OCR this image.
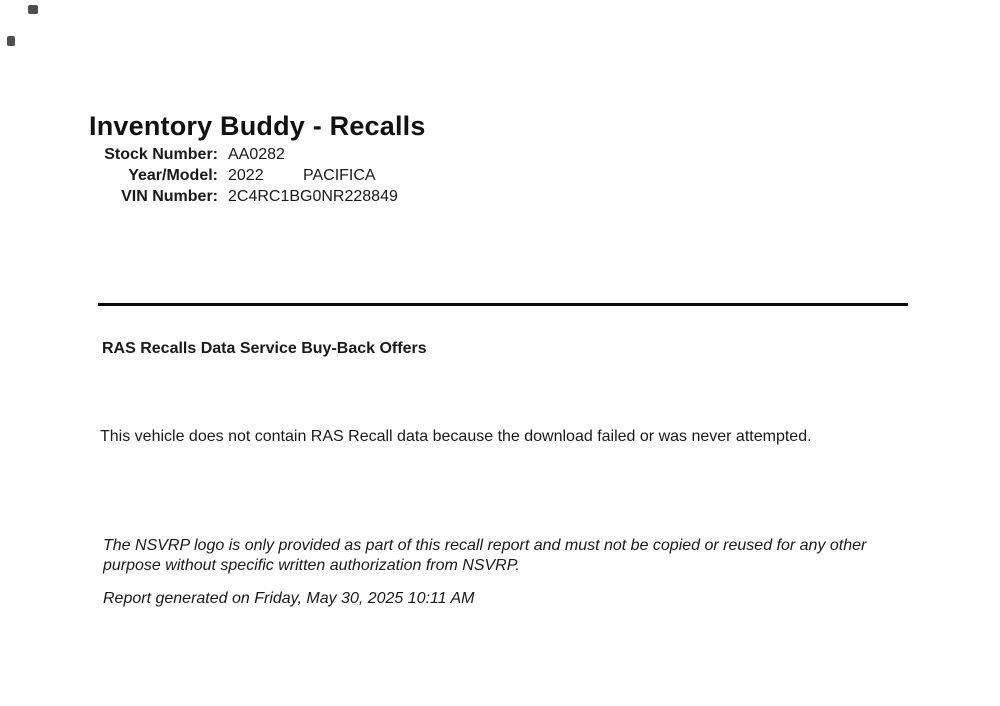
Inventory Buddy - Recalls
Stock Number: AA0282
Year/Model: 2022 PACIFICA
VIN Number: 2C4RC1BG0NR228849
RAS Recalls Data Service Buy-Back Offers
This vehicle does not contain RAS Recall data because the download failed or was never attempted.
The NSVRP logo is only provided as part of this recall report and must not be copied or reused for any other
purpose without specific written authorization from NSVRP.
Report generated on Friday, May 30, 2025 10:11 AM
